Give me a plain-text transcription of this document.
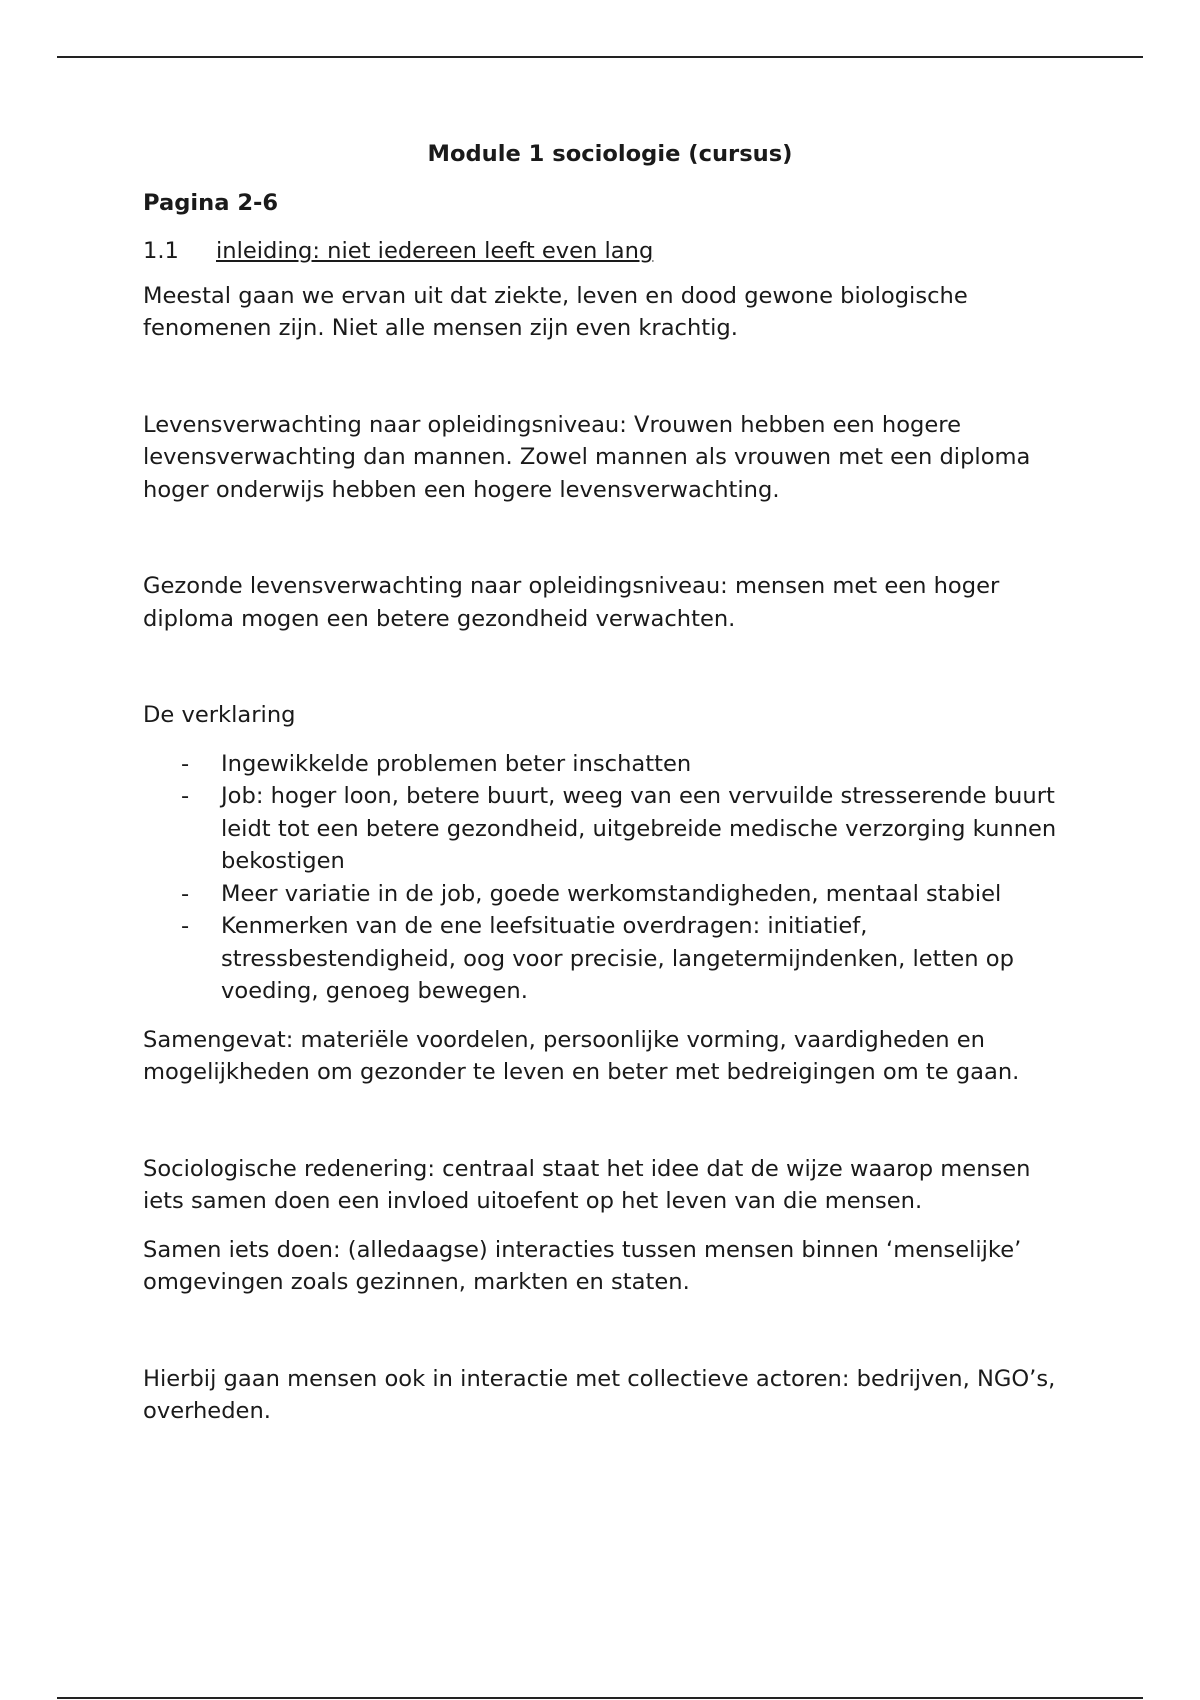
Module 1 sociologie (cursus)
Pagina 2-6
1.1	inleiding: niet iedereen leeft even lang

Meestal gaan we ervan uit dat ziekte, leven en dood gewone biologische fenomenen zijn. Niet alle mensen zijn even krachtig.

Levensverwachting naar opleidingsniveau: Vrouwen hebben een hogere levensverwachting dan mannen. Zowel mannen als vrouwen met een diploma hoger onderwijs hebben een hogere levensverwachting.

Gezonde levensverwachting naar opleidingsniveau: mensen met een hoger diploma mogen een betere gezondheid verwachten.

De verklaring

-	Ingewikkelde problemen beter inschatten
-	Job: hoger loon, betere buurt, weeg van een vervuilde stresserende buurt leidt tot een betere gezondheid, uitgebreide medische verzorging kunnen bekostigen
-	Meer variatie in de job, goede werkomstandigheden, mentaal stabiel
-	Kenmerken van de ene leefsituatie overdragen: initiatief, stressbestendigheid, oog voor precisie, langetermijndenken, letten op voeding, genoeg bewegen.

Samengevat: materiële voordelen, persoonlijke vorming, vaardigheden en mogelijkheden om gezonder te leven en beter met bedreigingen om te gaan.

Sociologische redenering: centraal staat het idee dat de wijze waarop mensen iets samen doen een invloed uitoefent op het leven van die mensen.

Samen iets doen: (alledaagse) interacties tussen mensen binnen ‘menselijke’ omgevingen zoals gezinnen, markten en staten.

Hierbij gaan mensen ook in interactie met collectieve actoren: bedrijven, NGO’s, overheden.
